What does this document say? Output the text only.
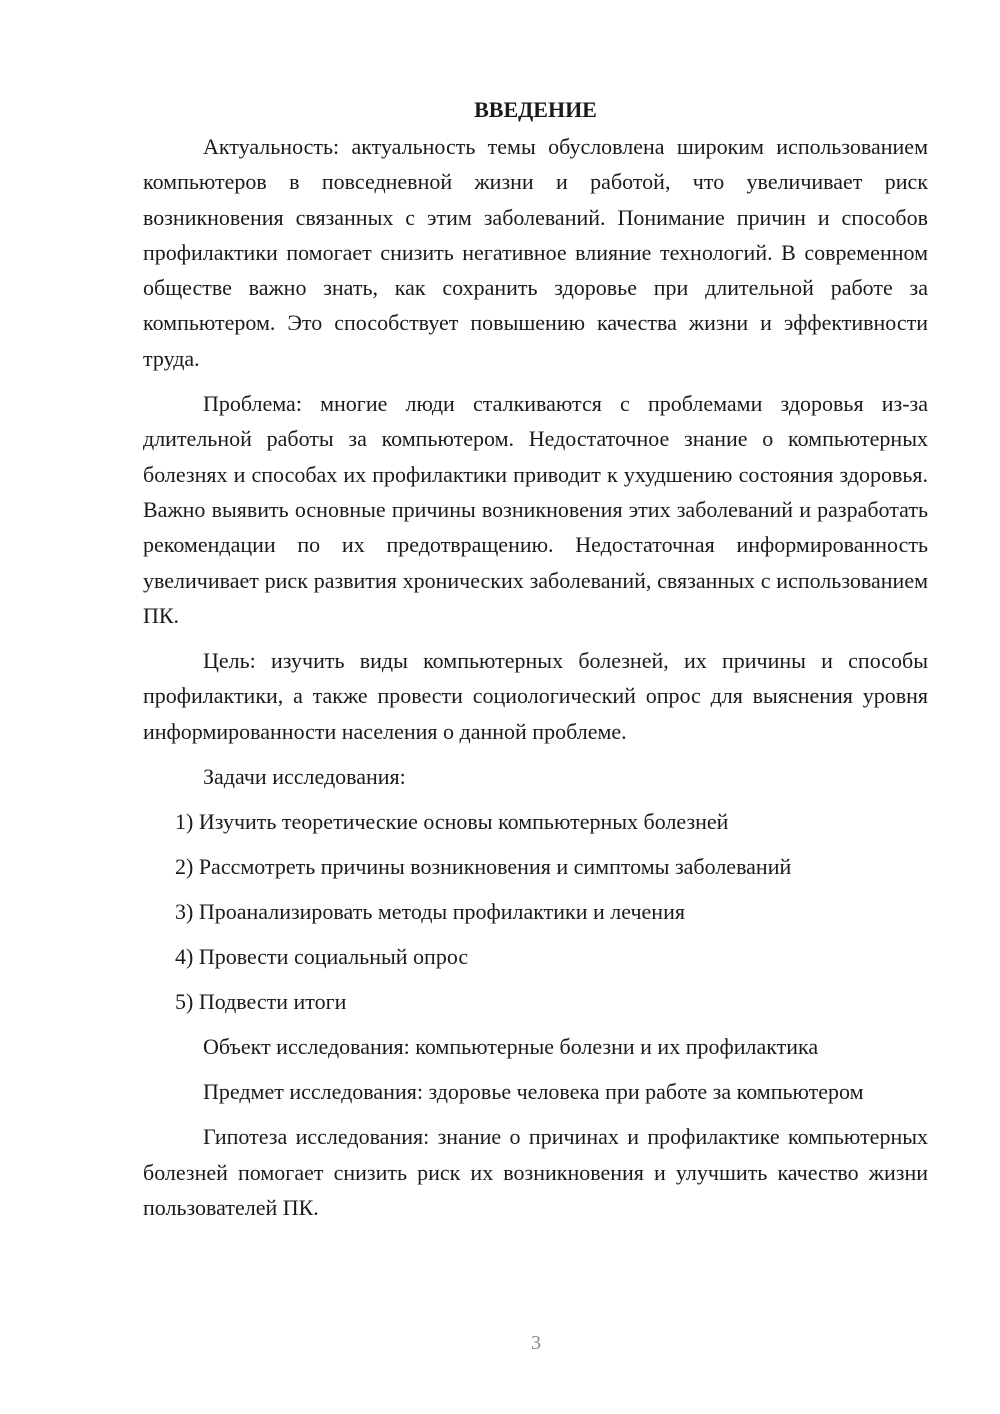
ВВЕДЕНИЕ

Актуальность: актуальность темы обусловлена широким использованием компьютеров в повседневной жизни и работой, что увеличивает риск возникновения связанных с этим заболеваний. Понимание причин и способов профилактики помогает снизить негативное влияние технологий. В современном обществе важно знать, как сохранить здоровье при длительной работе за компьютером. Это способствует повышению качества жизни и эффективности труда.

Проблема: многие люди сталкиваются с проблемами здоровья из-за длительной работы за компьютером. Недостаточное знание о компьютерных болезнях и способах их профилактики приводит к ухудшению состояния здоровья. Важно выявить основные причины возникновения этих заболеваний и разработать рекомендации по их предотвращению. Недостаточная информированность увеличивает риск развития хронических заболеваний, связанных с использованием ПК.

Цель: изучить виды компьютерных болезней, их причины и способы профилактики, а также провести социологический опрос для выяснения уровня информированности населения о данной проблеме.

Задачи исследования:

1) Изучить теоретические основы компьютерных болезней

2) Рассмотреть причины возникновения и симптомы заболеваний

3) Проанализировать методы профилактики и лечения

4) Провести социальный опрос

5) Подвести итоги

Объект исследования: компьютерные болезни и их профилактика

Предмет исследования: здоровье человека при работе за компьютером

Гипотеза исследования: знание о причинах и профилактике компьютерных болезней помогает снизить риск их возникновения и улучшить качество жизни пользователей ПК.

3
